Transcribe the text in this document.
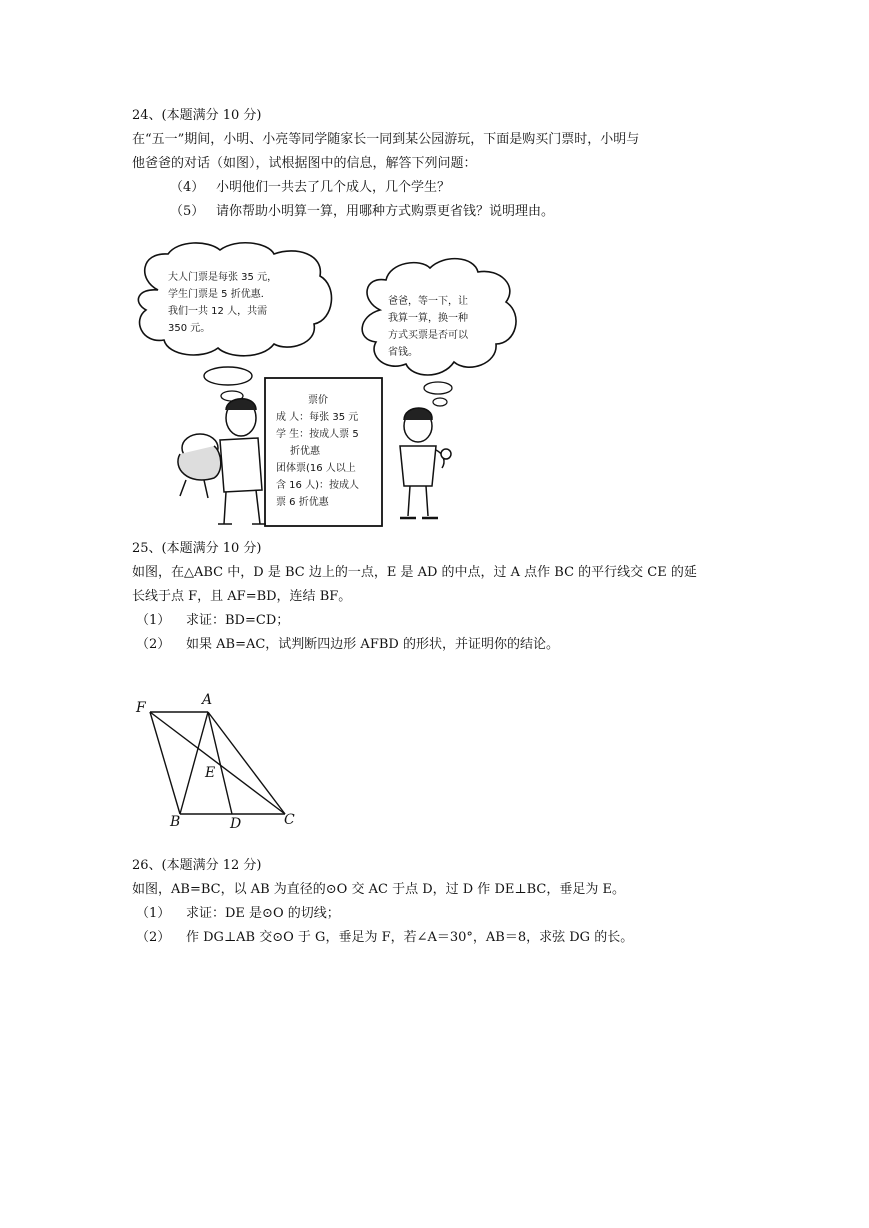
24、(本题满分 10 分)
在“五一”期间，小明、小亮等同学随家长一同到某公园游玩，下面是购买门票时，小明与
他爸爸的对话（如图），试根据图中的信息，解答下列问题：
（4） 小明他们一共去了几个成人，几个学生？
（5） 请你帮助小明算一算，用哪种方式购票更省钱？说明理由。
大人门票是每张 35 元，
学生门票是 5 折优惠．
我们一共 12 人，共需
350 元。
爸爸，等一下，让
我算一算，换一种
方式买票是否可以
省钱。
票价
成 人：每张 35 元
学 生：按成人票 5
折优惠
团体票(16 人以上
含 16 人)：按成人
票 6 折优惠
25、(本题满分 10 分)
如图，在△ABC 中，D 是 BC 边上的一点，E 是 AD 的中点，过 A 点作 BC 的平行线交 CE 的延
长线于点 F，且 AF=BD，连结 BF。
（1） 求证：BD=CD；
（2） 如果 AB=AC，试判断四边形 AFBD 的形状，并证明你的结论。
F	A
E
B	D	C
26、(本题满分 12 分)
如图，AB=BC，以 AB 为直径的⊙O 交 AC 于点 D，过 D 作 DE⊥BC，垂足为 E。
（1） 求证：DE 是⊙O 的切线；
（2） 作 DG⊥AB 交⊙O 于 G，垂足为 F，若∠A＝30°，AB＝8，求弦 DG 的长。
